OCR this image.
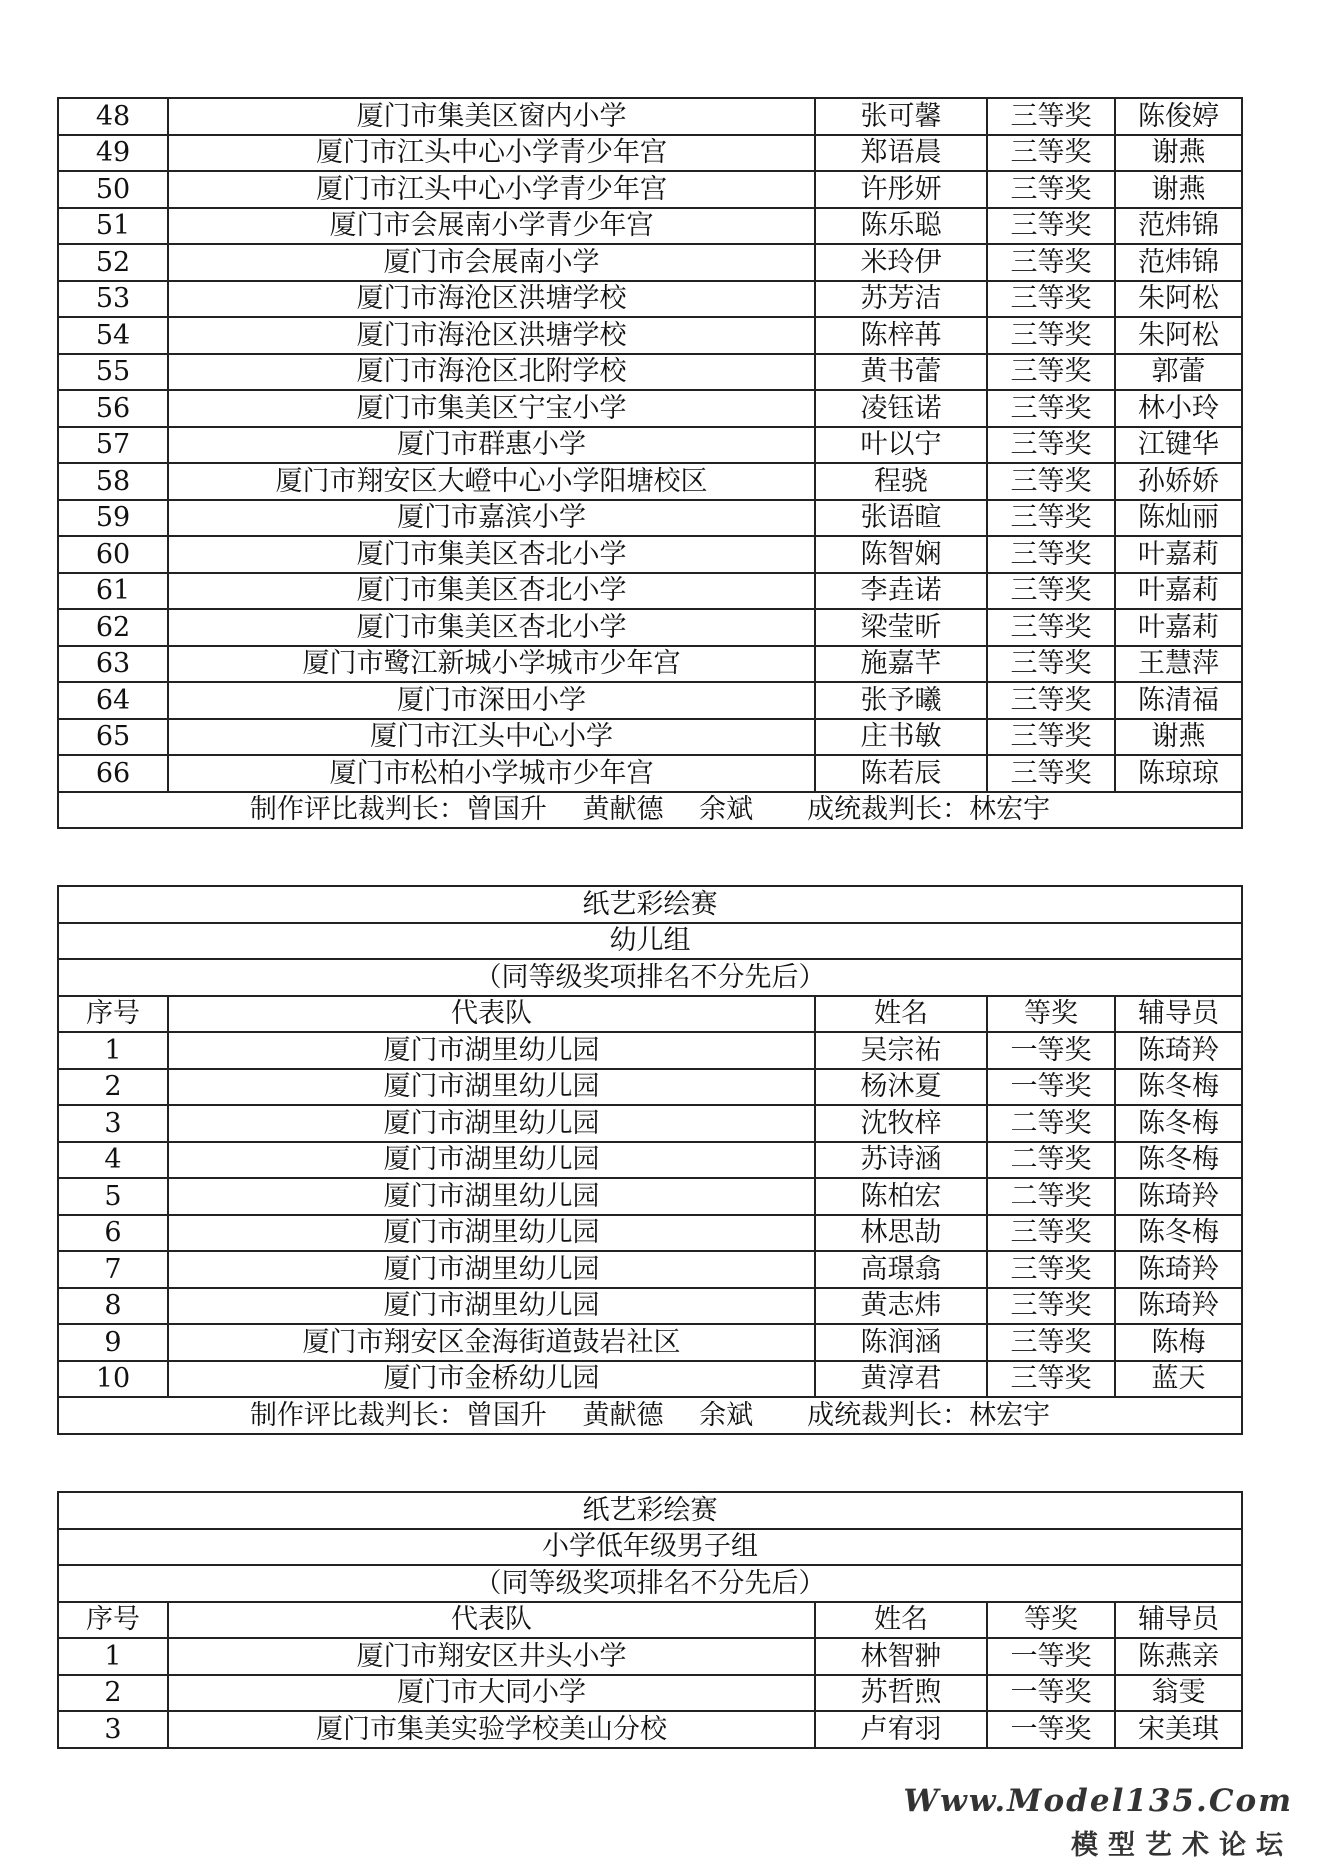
48	厦门市集美区窗内小学	张可馨	三等奖	陈俊婷
49	厦门市江头中心小学青少年宫	郑语晨	三等奖	谢燕
50	厦门市江头中心小学青少年宫	许彤妍	三等奖	谢燕
51	厦门市会展南小学青少年宫	陈乐聪	三等奖	范炜锦
52	厦门市会展南小学	米玲伊	三等奖	范炜锦
53	厦门市海沧区洪塘学校	苏芳洁	三等奖	朱阿松
54	厦门市海沧区洪塘学校	陈梓苒	三等奖	朱阿松
55	厦门市海沧区北附学校	黄书蕾	三等奖	郭蕾
56	厦门市集美区宁宝小学	凌钰诺	三等奖	林小玲
57	厦门市群惠小学	叶以宁	三等奖	江键华
58	厦门市翔安区大嶝中心小学阳塘校区	程骁	三等奖	孙娇娇
59	厦门市嘉滨小学	张语暄	三等奖	陈灿丽
60	厦门市集美区杏北小学	陈智娴	三等奖	叶嘉莉
61	厦门市集美区杏北小学	李垚诺	三等奖	叶嘉莉
62	厦门市集美区杏北小学	梁莹昕	三等奖	叶嘉莉
63	厦门市鹭江新城小学城市少年宫	施嘉芊	三等奖	王慧萍
64	厦门市深田小学	张予曦	三等奖	陈清福
65	厦门市江头中心小学	庄书敏	三等奖	谢燕
66	厦门市松柏小学城市少年宫	陈若辰	三等奖	陈琼琼
制作评比裁判长：曾国升　 黄献德　 余斌　　成统裁判长：林宏宇				
纸艺彩绘赛				
幼儿组				
（同等级奖项排名不分先后）				
序号	代表队	姓名	等奖	辅导员
1	厦门市湖里幼儿园	吴宗祐	一等奖	陈琦羚
2	厦门市湖里幼儿园	杨沐夏	一等奖	陈冬梅
3	厦门市湖里幼儿园	沈牧梓	二等奖	陈冬梅
4	厦门市湖里幼儿园	苏诗涵	二等奖	陈冬梅
5	厦门市湖里幼儿园	陈柏宏	二等奖	陈琦羚
6	厦门市湖里幼儿园	林思劼	三等奖	陈冬梅
7	厦门市湖里幼儿园	高璟翕	三等奖	陈琦羚
8	厦门市湖里幼儿园	黄志炜	三等奖	陈琦羚
9	厦门市翔安区金海街道鼓岩社区	陈润涵	三等奖	陈梅
10	厦门市金桥幼儿园	黄淳君	三等奖	蓝天
制作评比裁判长：曾国升　 黄献德　 余斌　　成统裁判长：林宏宇				
纸艺彩绘赛				
小学低年级男子组				
（同等级奖项排名不分先后）				
序号	代表队	姓名	等奖	辅导员
1	厦门市翔安区井头小学	林智翀	一等奖	陈燕亲
2	厦门市大同小学	苏哲煦	一等奖	翁雯
3	厦门市集美实验学校美山分校	卢宥羽	一等奖	宋美琪
Www.Model135.Com
模型艺术论坛
